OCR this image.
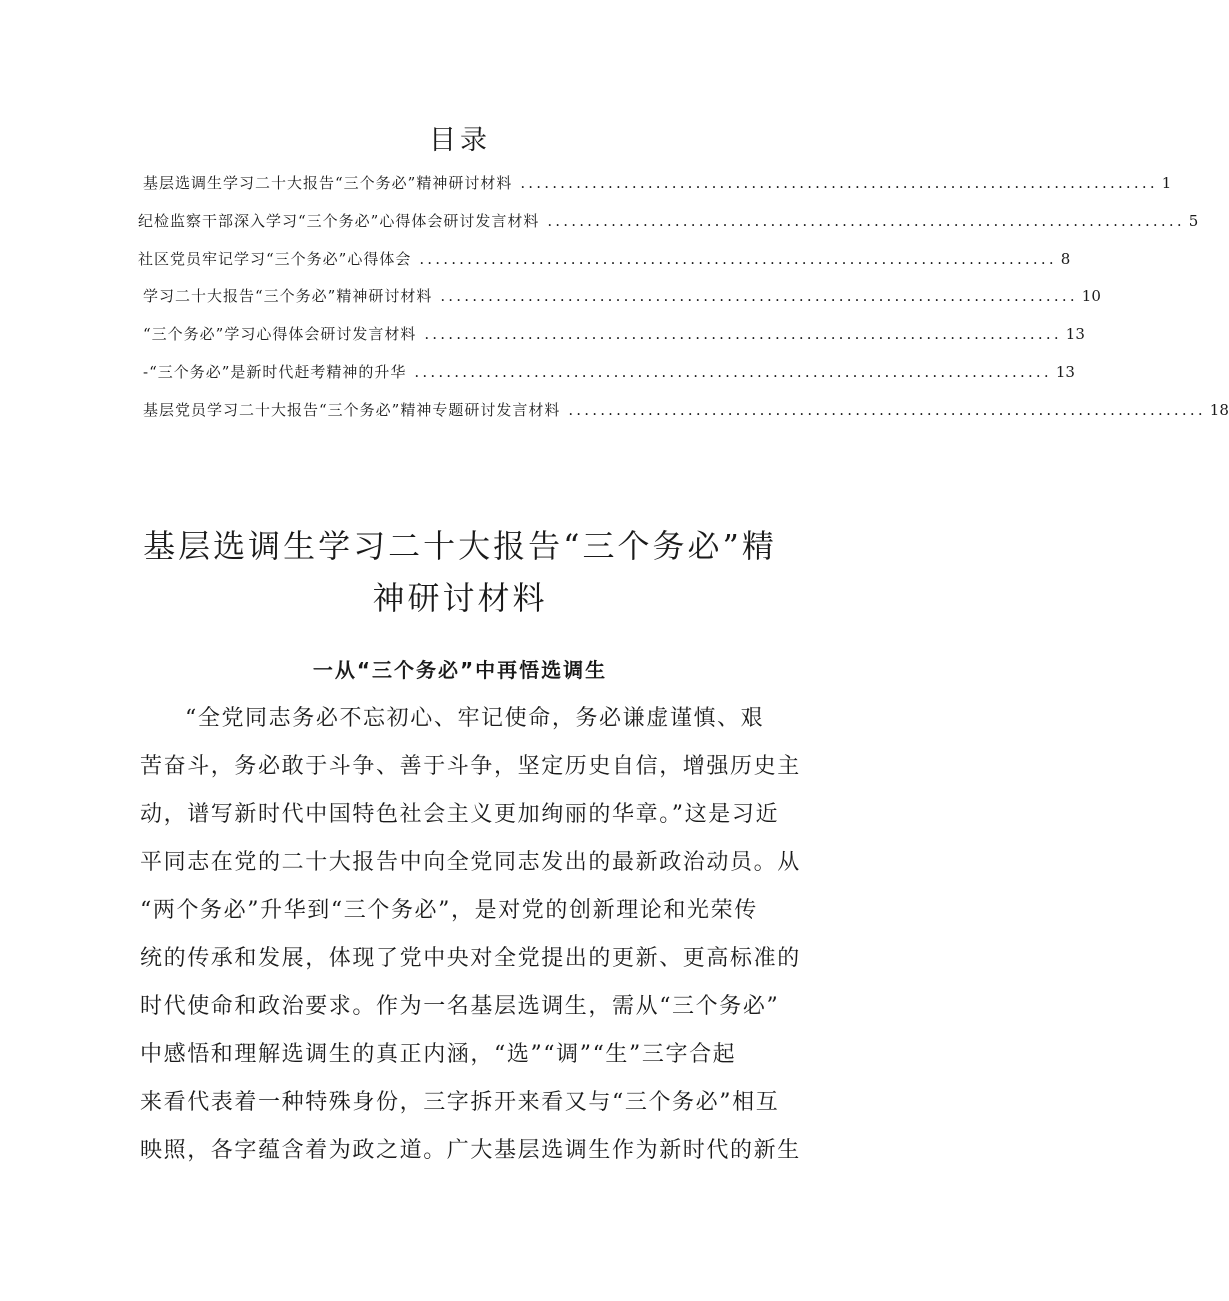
目录
基层选调生学习二十大报告“三个务必”精神研讨材料 ................................................................................ 1
纪检监察干部深入学习“三个务必”心得体会研讨发言材料 ................................................................................ 5
社区党员牢记学习“三个务必”心得体会 ................................................................................ 8
学习二十大报告“三个务必”精神研讨材料 ................................................................................ 10
“三个务必”学习心得体会研讨发言材料 ................................................................................ 13
-“三个务必”是新时代赶考精神的升华 ................................................................................ 13
基层党员学习二十大报告“三个务必”精神专题研讨发言材料 ................................................................................ 18
基层选调生学习二十大报告“三个务必”精
神研讨材料
一从“三个务必”中再悟选调生
“全党同志务必不忘初心、牢记使命，务必谦虚谨慎、艰
苦奋斗，务必敢于斗争、善于斗争，坚定历史自信，增强历史主
动，谱写新时代中国特色社会主义更加绚丽的华章。”这是习近
平同志在党的二十大报告中向全党同志发出的最新政治动员。从
“两个务必”升华到“三个务必”，是对党的创新理论和光荣传
统的传承和发展，体现了党中央对全党提出的更新、更高标准的
时代使命和政治要求。作为一名基层选调生，需从“三个务必”
中感悟和理解选调生的真正内涵，“选”“调”“生”三字合起
来看代表着一种特殊身份，三字拆开来看又与“三个务必”相互
映照，各字蕴含着为政之道。广大基层选调生作为新时代的新生
